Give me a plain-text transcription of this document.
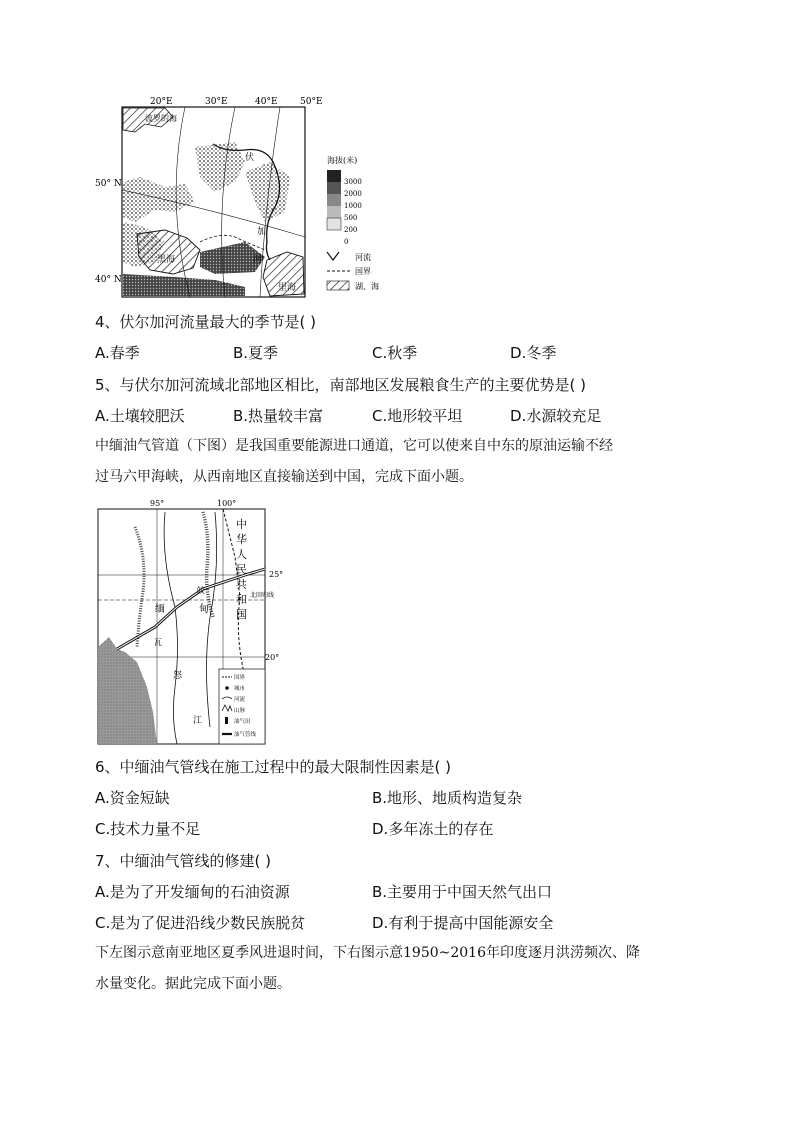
20°E	30°E	40°E 50°E
波罗的海
黑海
里海
伏
加
河
50° N
40° N
海拔(米)
3000
2000
1000
500
200
0
河流
国界
湖、海
4、伏尔加河流量最大的季节是( )
A.春季	B.夏季	C.秋季	D.冬季
5、与伏尔加河流域北部地区相比，南部地区发展粮食生产的主要优势是( )
A.土壤较肥沃	B.热量较丰富	C.地形较平坦	D.水源较充足
中缅油气管道（下图）是我国重要能源进口通道，它可以使来自中东的原油运输不经
过马六甲海峡，从西南地区直接输送到中国，完成下面小题。
95°	100°
中
华
人
民
共
和
国
北回归线
缅	甸
皎
瓦
怒
江
25°
20°
国界
城市
河流
山脉
油气田
油气管线
6、中缅油气管线在施工过程中的最大限制性因素是( )
A.资金短缺	B.地形、地质构造复杂
C.技术力量不足	D.多年冻土的存在
7、中缅油气管线的修建( )
A.是为了开发缅甸的石油资源	B.主要用于中国天然气出口
C.是为了促进沿线少数民族脱贫	D.有利于提高中国能源安全
下左图示意南亚地区夏季风进退时间，下右图示意1950~2016年印度逐月洪涝频次、降
水量变化。据此完成下面小题。
